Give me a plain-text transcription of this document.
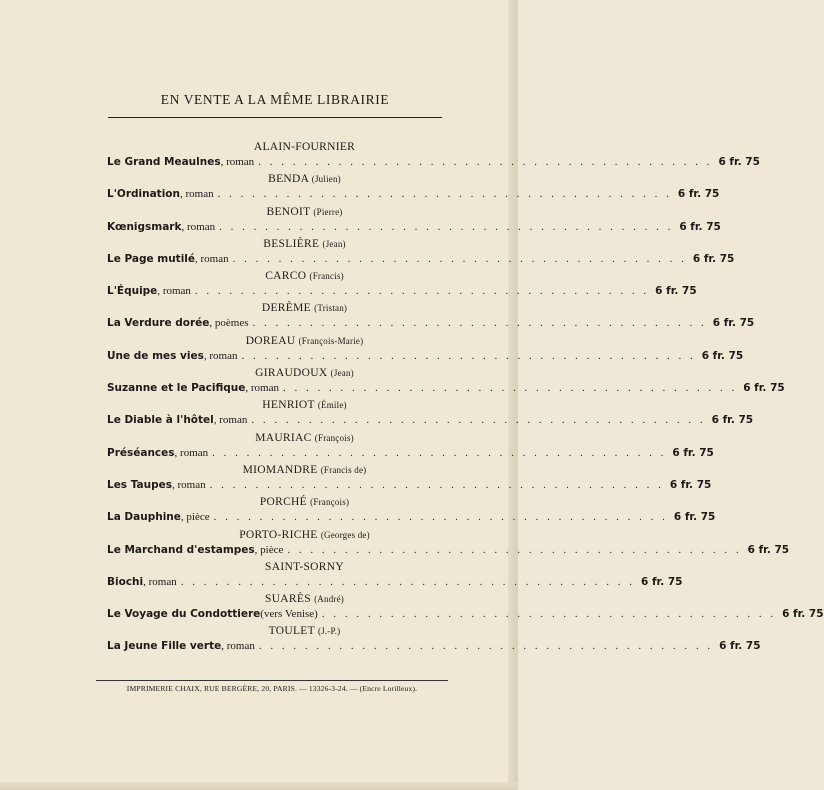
EN VENTE A LA MÊME LIBRAIRIE
ALAIN-FOURNIER
Le Grand Meaulnes , roman . . . . . . . . . . . . . . . . . . . . . . . . . . . . . . . . . . . . . . . . 6 fr. 75
BENDA (Julien)
L'Ordination , roman . . . . . . . . . . . . . . . . . . . . . . . . . . . . . . . . . . . . . . . . 6 fr. 75
BENOIT (Pierre)
Kœnigsmark , roman . . . . . . . . . . . . . . . . . . . . . . . . . . . . . . . . . . . . . . . . 6 fr. 75
BESLIÈRE (Jean)
Le Page mutilé , roman . . . . . . . . . . . . . . . . . . . . . . . . . . . . . . . . . . . . . . . . 6 fr. 75
CARCO (Francis)
L'Équipe , roman . . . . . . . . . . . . . . . . . . . . . . . . . . . . . . . . . . . . . . . . 6 fr. 75
DERÈME (Tristan)
La Verdure dorée , poèmes . . . . . . . . . . . . . . . . . . . . . . . . . . . . . . . . . . . . . . . . 6 fr. 75
DOREAU (François-Marie)
Une de mes vies , roman . . . . . . . . . . . . . . . . . . . . . . . . . . . . . . . . . . . . . . . . 6 fr. 75
GIRAUDOUX (Jean)
Suzanne et le Pacifique , roman . . . . . . . . . . . . . . . . . . . . . . . . . . . . . . . . . . . . . . . . 6 fr. 75
HENRIOT (Émile)
Le Diable à l'hôtel , roman . . . . . . . . . . . . . . . . . . . . . . . . . . . . . . . . . . . . . . . . 6 fr. 75
MAURIAC (François)
Préséances , roman . . . . . . . . . . . . . . . . . . . . . . . . . . . . . . . . . . . . . . . . 6 fr. 75
MIOMANDRE (Francis de)
Les Taupes , roman . . . . . . . . . . . . . . . . . . . . . . . . . . . . . . . . . . . . . . . . 6 fr. 75
PORCHÉ (François)
La Dauphine , pièce . . . . . . . . . . . . . . . . . . . . . . . . . . . . . . . . . . . . . . . . 6 fr. 75
PORTO-RICHE (Georges de)
Le Marchand d'estampes , pièce . . . . . . . . . . . . . . . . . . . . . . . . . . . . . . . . . . . . . . . . 6 fr. 75
SAINT-SORNY
Biochi , roman . . . . . . . . . . . . . . . . . . . . . . . . . . . . . . . . . . . . . . . . 6 fr. 75
SUARÈS (André)
Le Voyage du Condottiere (vers Venise) . . . . . . . . . . . . . . . . . . . . . . . . . . . . . . . . . . . . . . . . 6 fr. 75
TOULET (J.-P.)
La Jeune Fille verte , roman . . . . . . . . . . . . . . . . . . . . . . . . . . . . . . . . . . . . . . . . 6 fr. 75
IMPRIMERIE CHAIX, RUE BERGÈRE, 20, PARIS. — 13326-3-24. — (Encre Lorilleux).
